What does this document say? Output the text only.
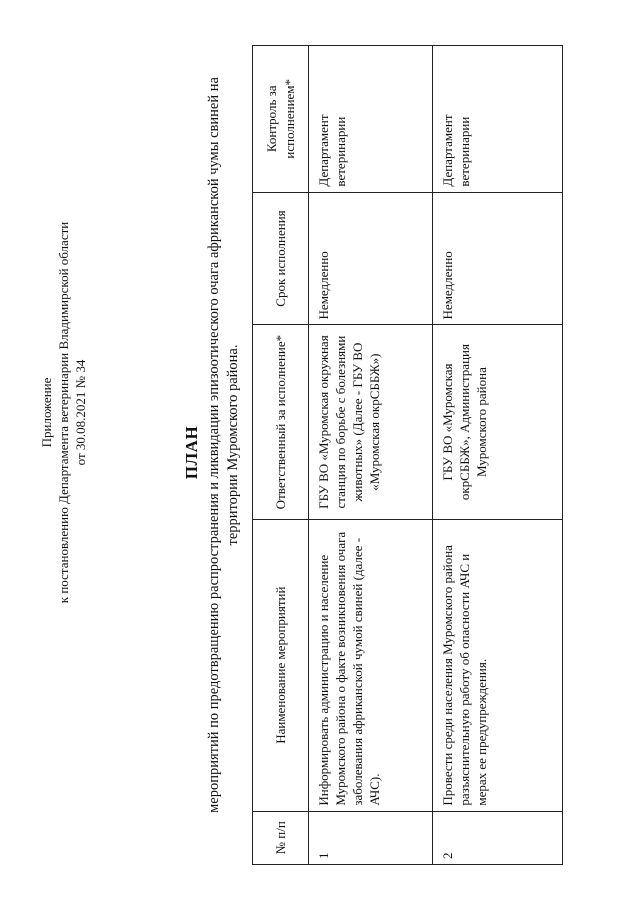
Приложение к постановлению Департамента ветеринарии Владимирской области от 30.08.2021 № 34	ПЛАН мероприятий по предотвращению распространения и ликвидации эпизоотического очага африканской чумы свиней на территории Муромского района.
№ п/п	Наименование мероприятий	Ответственный за исполнение*	Срок исполнения	Контроль за исполнением*
1	Информировать администрацию и население Муромского района о факте возникновения очага заболевания африканской чумой свиней (далее - АЧС).	ГБУ ВО «Муромская окружная станция по борьбе с болезнями животных» (Далее - ГБУ ВО «Муромская окрСББЖ»)	Немедленно	Департамент ветеринарии
2	Провести среди населения Муромского района разъяснительную работу об опасности АЧС и мерах ее предупреждения.	ГБУ ВО «Муромская окрСББЖ», Администрация Муромского района	Немедленно	Департамент ветеринарии
